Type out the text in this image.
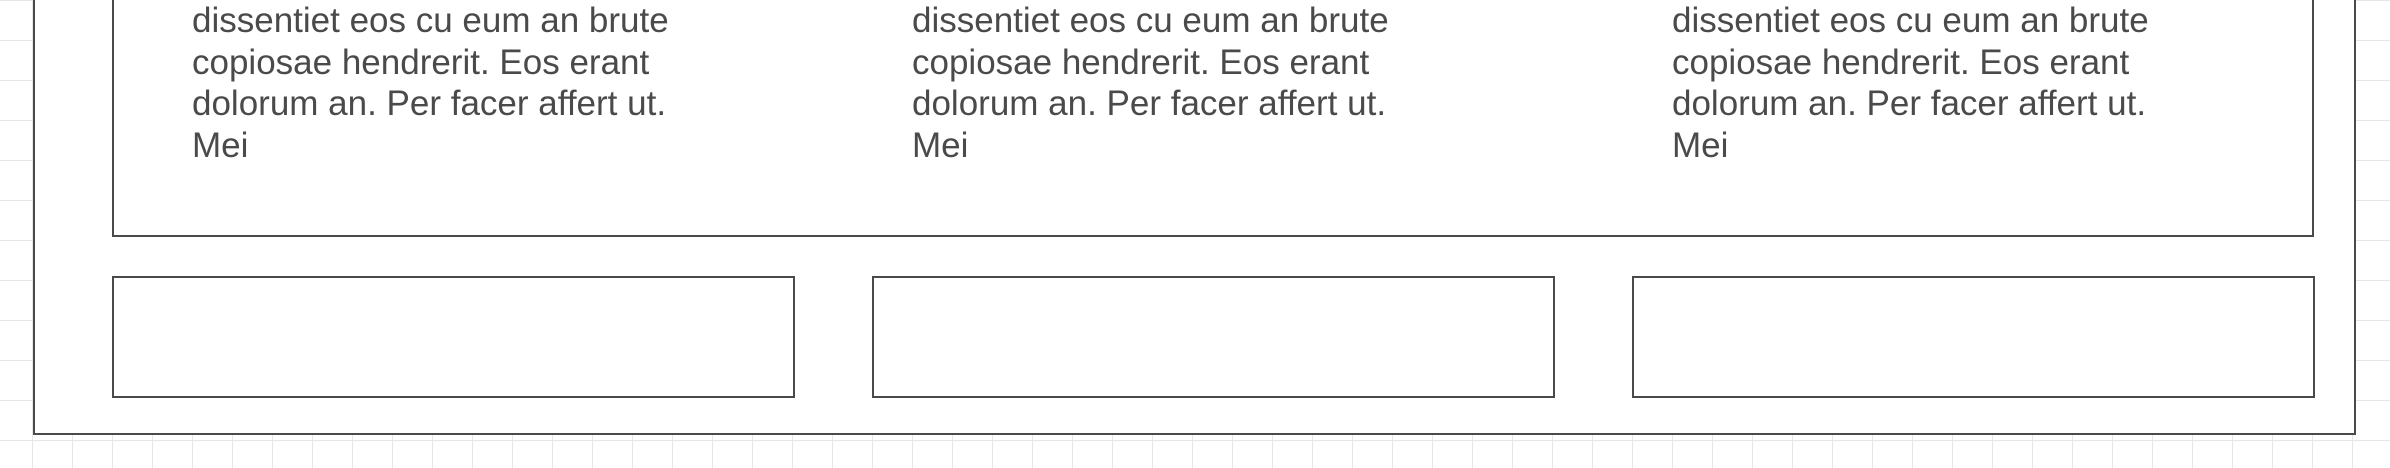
dissentiet eos cu eum an brute
copiosae hendrerit. Eos erant
dolorum an. Per facer affert ut.
Mei
dissentiet eos cu eum an brute
copiosae hendrerit. Eos erant
dolorum an. Per facer affert ut.
Mei
dissentiet eos cu eum an brute
copiosae hendrerit. Eos erant
dolorum an. Per facer affert ut.
Mei
